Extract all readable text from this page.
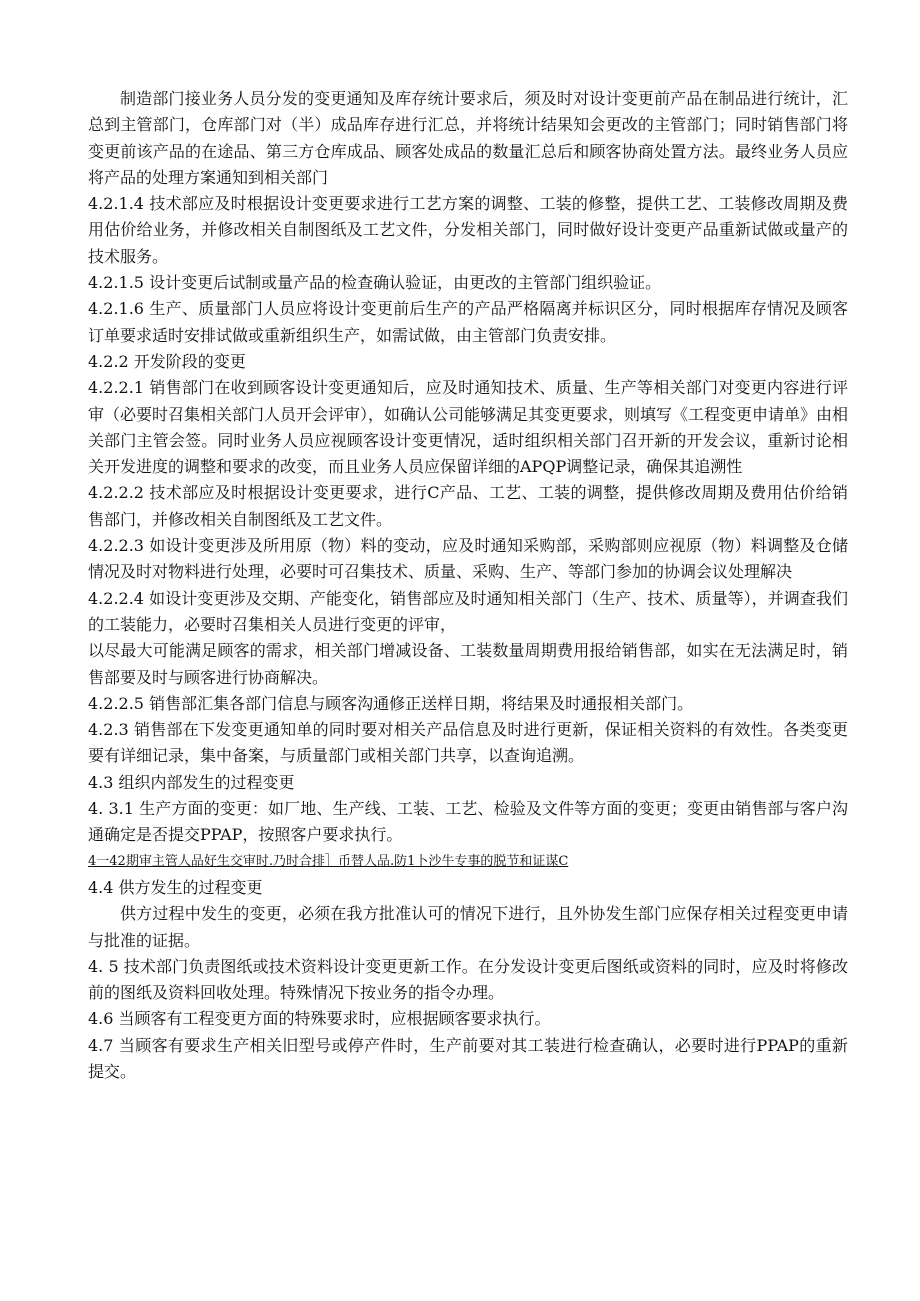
制造部门接业务人员分发的变更通知及库存统计要求后，须及时对设计变更前产品在制品进行统计，汇总到主管部门，仓库部门对（半）成品库存进行汇总，并将统计结果知会更改的主管部门；同时销售部门将变更前该产品的在途品、第三方仓库成品、顾客处成品的数量汇总后和顾客协商处置方法。最终业务人员应将产品的处理方案通知到相关部门

4.2.1.4 技术部应及时根据设计变更要求进行工艺方案的调整、工装的修整，提供工艺、工装修改周期及费用估价给业务，并修改相关自制图纸及工艺文件，分发相关部门，同时做好设计变更产品重新试做或量产的技术服务。

4.2.1.5 设计变更后试制或量产品的检查确认验证，由更改的主管部门组织验证。

4.2.1.6 生产、质量部门人员应将设计变更前后生产的产品严格隔离并标识区分，同时根据库存情况及顾客订单要求适时安排试做或重新组织生产，如需试做，由主管部门负责安排。

4.2.2 开发阶段的变更

4.2.2.1 销售部门在收到顾客设计变更通知后，应及时通知技术、质量、生产等相关部门对变更内容进行评审（必要时召集相关部门人员开会评审），如确认公司能够满足其变更要求，则填写《工程变更申请单》由相关部门主管会签。同时业务人员应视顾客设计变更情况，适时组织相关部门召开新的开发会议，重新讨论相关开发进度的调整和要求的改变，而且业务人员应保留详细的APQP调整记录，确保其追溯性

4.2.2.2 技术部应及时根据设计变更要求，进行C产品、工艺、工装的调整，提供修改周期及费用估价给销售部门，并修改相关自制图纸及工艺文件。

4.2.2.3 如设计变更涉及所用原（物）料的变动，应及时通知采购部，采购部则应视原（物）料调整及仓储情况及时对物料进行处理，必要时可召集技术、质量、采购、生产、等部门参加的协调会议处理解决

4.2.2.4 如设计变更涉及交期、产能变化，销售部应及时通知相关部门（生产、技术、质量等），并调查我们的工装能力，必要时召集相关人员进行变更的评审，

以尽最大可能满足顾客的需求，相关部门增减设备、工装数量周期费用报给销售部，如实在无法满足时，销售部要及时与顾客进行协商解决。

4.2.2.5 销售部汇集各部门信息与顾客沟通修正送样日期，将结果及时通报相关部门。

4.2.3 销售部在下发变更通知单的同时要对相关产品信息及时进行更新，保证相关资料的有效性。各类变更要有详细记录，集中备案，与质量部门或相关部门共享，以查询追溯。

4.3 组织内部发生的过程变更

4. 3.1 生产方面的变更：如厂地、生产线、工装、工艺、检验及文件等方面的变更；变更由销售部与客户沟通确定是否提交PPAP，按照客户要求执行。

4一42期审主管人品好生交审时.乃时合排］币替人品.防1卜沙牛专事的脱节和证谋C

4.4 供方发生的过程变更

供方过程中发生的变更，必须在我方批准认可的情况下进行，且外协发生部门应保存相关过程变更申请与批准的证据。

4. 5 技术部门负责图纸或技术资料设计变更更新工作。在分发设计变更后图纸或资料的同时，应及时将修改前的图纸及资料回收处理。特殊情况下按业务的指令办理。

4.6 当顾客有工程变更方面的特殊要求时，应根据顾客要求执行。

4.7 当顾客有要求生产相关旧型号或停产件时，生产前要对其工装进行检查确认，必要时进行PPAP的重新提交。
